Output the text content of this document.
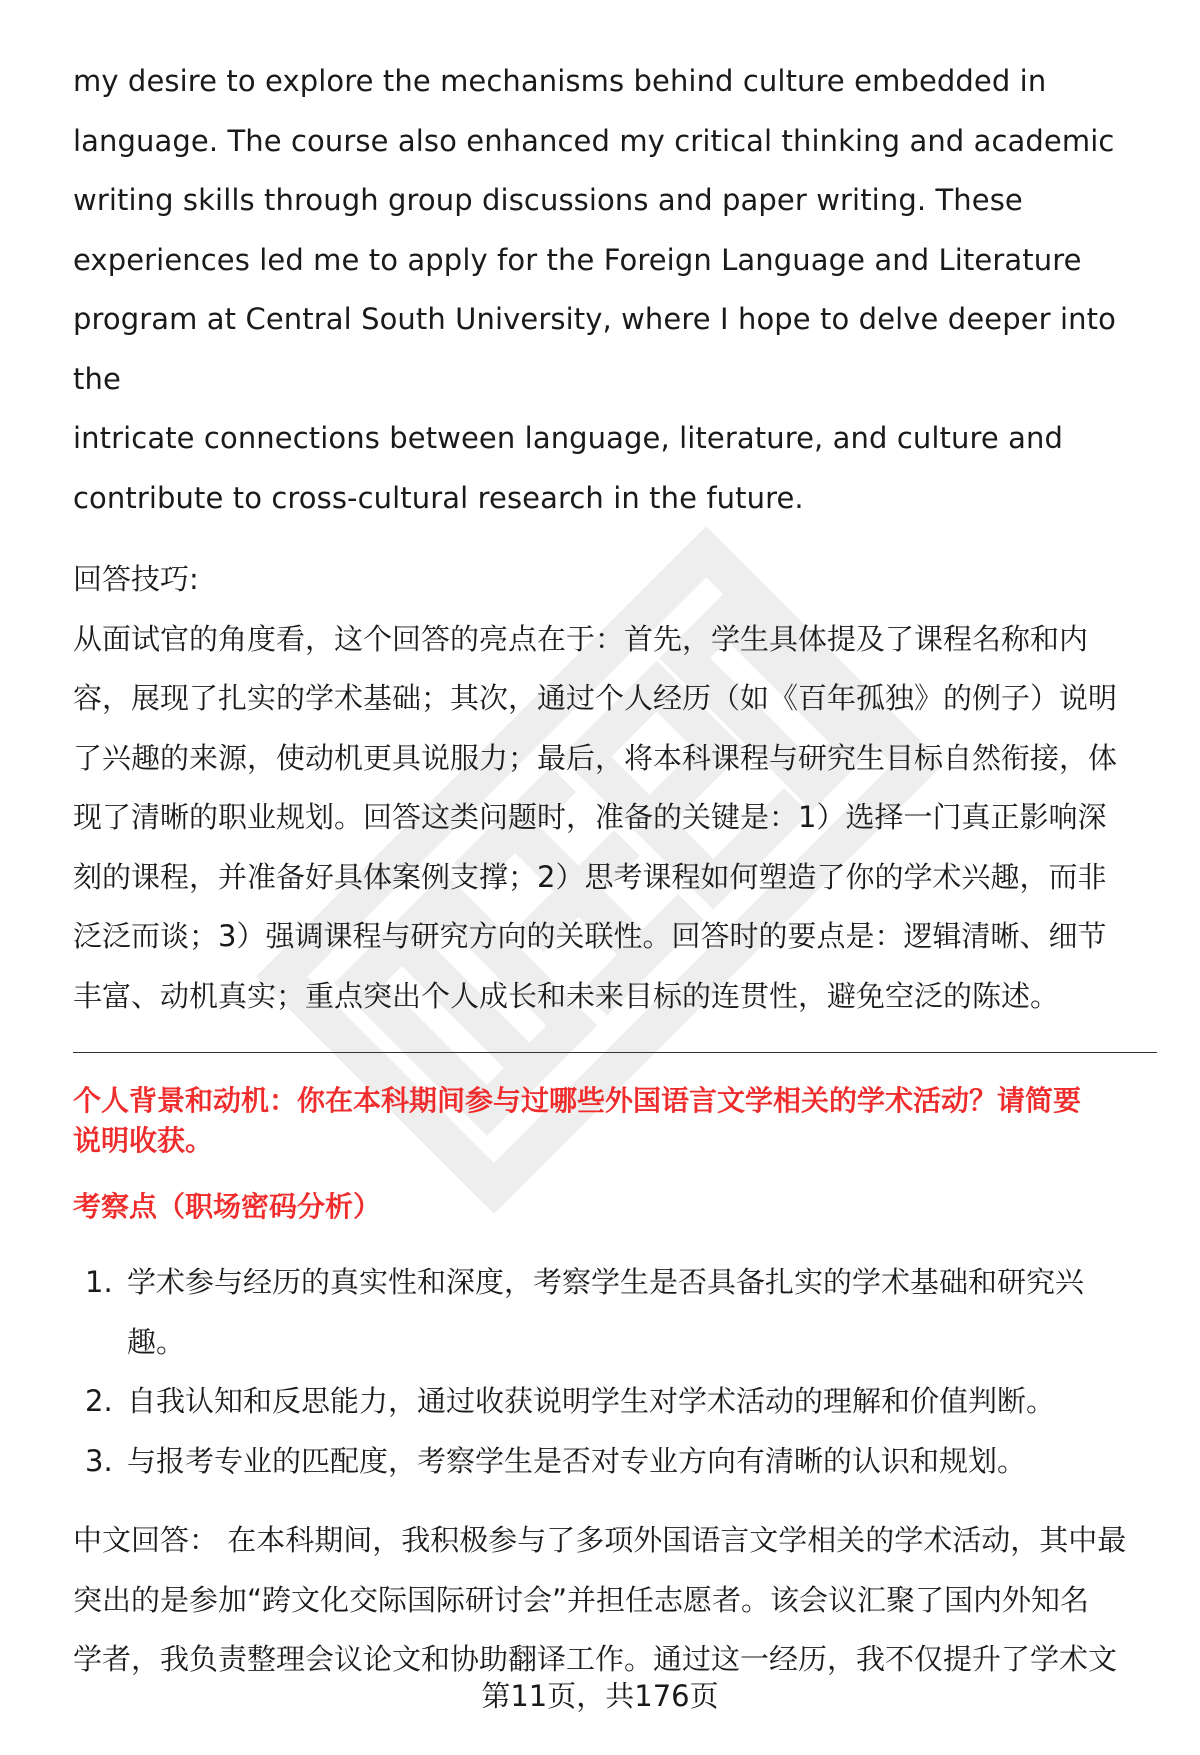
my desire to explore the mechanisms behind culture embedded in
language. The course also enhanced my critical thinking and academic
writing skills through group discussions and paper writing. These
experiences led me to apply for the Foreign Language and Literature
program at Central South University, where I hope to delve deeper into the
intricate connections between language, literature, and culture and
contribute to cross-cultural research in the future.
回答技巧:
从面试官的角度看，这个回答的亮点在于：首先，学生具体提及了课程名称和内
容，展现了扎实的学术基础；其次，通过个人经历（如《百年孤独》的例子）说明
了兴趣的来源，使动机更具说服力；最后，将本科课程与研究生目标自然衔接，体
现了清晰的职业规划。回答这类问题时，准备的关键是：1）选择一门真正影响深
刻的课程，并准备好具体案例支撑；2）思考课程如何塑造了你的学术兴趣，而非
泛泛而谈；3）强调课程与研究方向的关联性。回答时的要点是：逻辑清晰、细节
丰富、动机真实；重点突出个人成长和未来目标的连贯性，避免空泛的陈述。
个人背景和动机：你在本科期间参与过哪些外国语言文学相关的学术活动？请简要
说明收获。
考察点（职场密码分析）
1. 学术参与经历的真实性和深度，考察学生是否具备扎实的学术基础和研究兴
趣。
2. 自我认知和反思能力，通过收获说明学生对学术活动的理解和价值判断。
3. 与报考专业的匹配度，考察学生是否对专业方向有清晰的认识和规划。
中文回答： 在本科期间，我积极参与了多项外国语言文学相关的学术活动，其中最
突出的是参加“跨文化交际国际研讨会”并担任志愿者。该会议汇聚了国内外知名
学者，我负责整理会议论文和协助翻译工作。通过这一经历，我不仅提升了学术文
第11页，共176页
